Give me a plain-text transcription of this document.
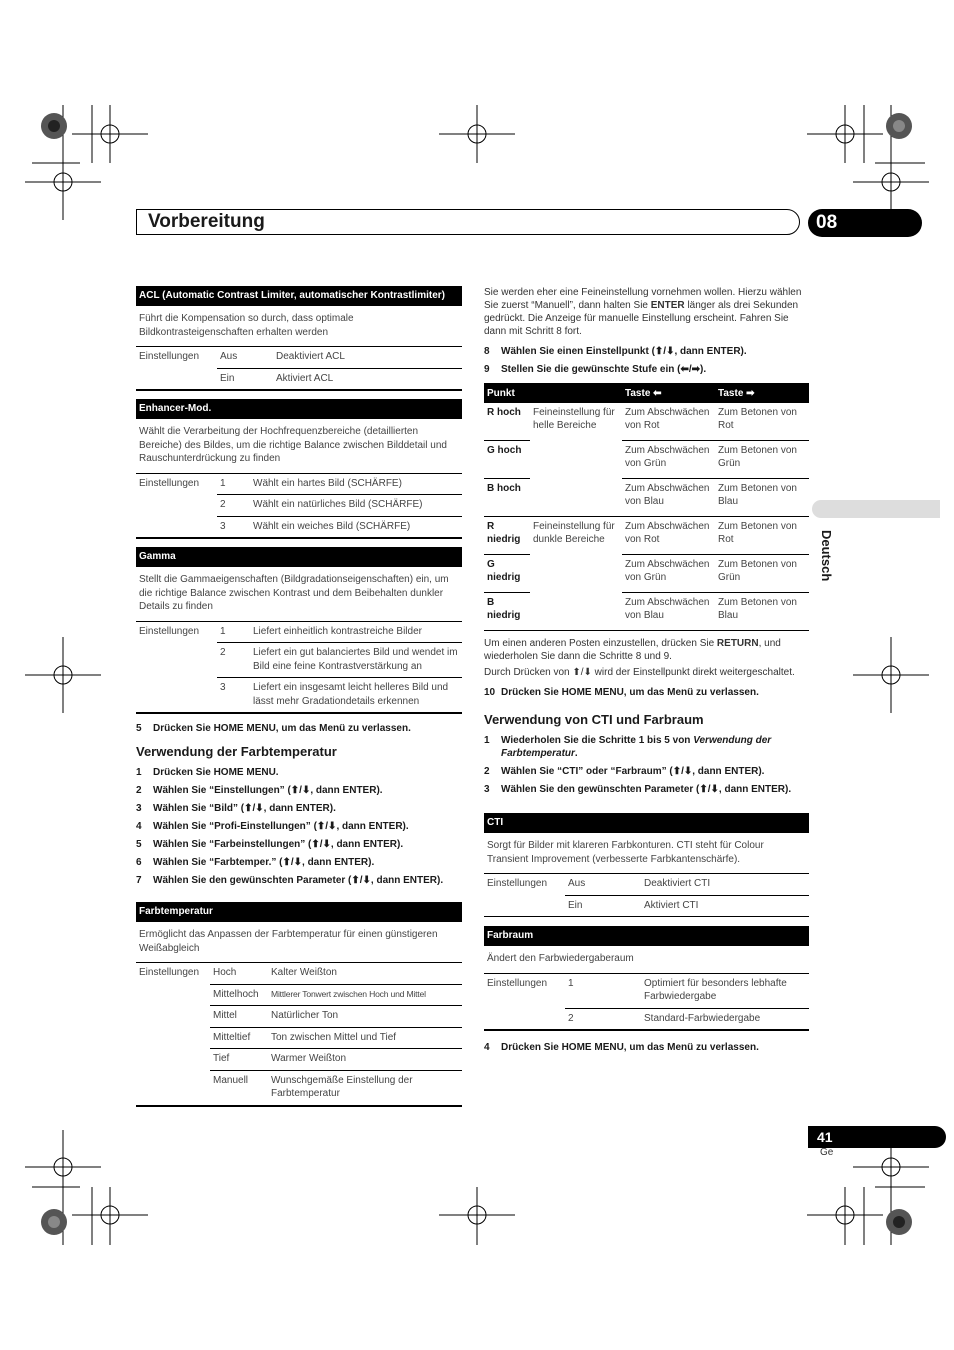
Vorbereitung	08
Deutsch
41
Ge
ACL (Automatic Contrast Limiter, automatischer Kontrastlimiter)
Führt die Kompensation so durch, dass optimale Bildkontrasteigenschaften erhalten werden
Einstellungen	Aus	Deaktiviert ACL
	Ein	Aktiviert ACL
Enhancer-Mod.
Wählt die Verarbeitung der Hochfrequenzbereiche (detaillierten Bereiche) des Bildes, um die richtige Balance zwischen Bilddetail und Rauschunterdrückung zu finden
Einstellungen	1	Wählt ein hartes Bild (SCHÄRFE)
	2	Wählt ein natürliches Bild (SCHÄRFE)
	3	Wählt ein weiches Bild (SCHÄRFE)
Gamma
Stellt die Gammaeigenschaften (Bildgradationseigenschaften) ein, um die richtige Balance zwischen Kontrast und dem Beibehalten dunkler Details zu finden
Einstellungen	1	Liefert einheitlich kontrastreiche Bilder
	2	Liefert ein gut balanciertes Bild und wendet im Bild eine feine Kontrastverstärkung an
	3	Liefert ein insgesamt leicht helleres Bild und lässt mehr Gradationdetails erkennen
5	Drücken Sie HOME MENU, um das Menü zu verlassen.
Verwendung der Farbtemperatur
1	Drücken Sie HOME MENU.
2	Wählen Sie “Einstellungen” (⬆/⬇, dann ENTER).
3	Wählen Sie “Bild” (⬆/⬇, dann ENTER).
4	Wählen Sie “Profi-Einstellungen” (⬆/⬇, dann ENTER).
5	Wählen Sie “Farbeinstellungen” (⬆/⬇, dann ENTER).
6	Wählen Sie “Farbtemper.” (⬆/⬇, dann ENTER).
7	Wählen Sie den gewünschten Parameter (⬆/⬇, dann ENTER).
Farbtemperatur
Ermöglicht das Anpassen der Farbtemperatur für einen günstigeren Weißabgleich
Einstellungen	Hoch	Kalter Weißton
	Mittelhoch	Mittlerer Tonwert zwischen Hoch und Mittel
	Mittel	Natürlicher Ton
	Mitteltief	Ton zwischen Mittel und Tief
	Tief	Warmer Weißton
	Manuell	Wunschgemäße Einstellung der Farbtemperatur
Sie werden eher eine Feineinstellung vornehmen wollen. Hierzu wählen Sie zuerst “Manuell”, dann halten Sie ENTER länger als drei Sekunden gedrückt. Die Anzeige für manuelle Einstellung erscheint. Fahren Sie dann mit Schritt 8 fort.
8	Wählen Sie einen Einstellpunkt (⬆/⬇, dann ENTER).
9	Stellen Sie die gewünschte Stufe ein (⬅/➡).
Punkt		Taste ⬅	Taste ➡
R hoch	Feineinstellung für helle Bereiche	Zum Abschwächen von Rot	Zum Betonen von Rot
G hoch		Zum Abschwächen von Grün	Zum Betonen von Grün
B hoch		Zum Abschwächen von Blau	Zum Betonen von Blau
R niedrig	Feineinstellung für dunkle Bereiche	Zum Abschwächen von Rot	Zum Betonen von Rot
G niedrig		Zum Abschwächen von Grün	Zum Betonen von Grün
B niedrig		Zum Abschwächen von Blau	Zum Betonen von Blau
Um einen anderen Posten einzustellen, drücken Sie RETURN, und wiederholen Sie dann die Schritte 8 und 9.
Durch Drücken von ⬆/⬇ wird der Einstellpunkt direkt weitergeschaltet.
10 Drücken Sie HOME MENU, um das Menü zu verlassen.
Verwendung von CTI und Farbraum
1	Wiederholen Sie die Schritte 1 bis 5 von Verwendung der Farbtemperatur.
2	Wählen Sie “CTI” oder “Farbraum” (⬆/⬇, dann ENTER).
3	Wählen Sie den gewünschten Parameter (⬆/⬇, dann ENTER).
CTI
Sorgt für Bilder mit klareren Farbkonturen. CTI steht für Colour Transient Improvement (verbesserte Farbkantenschärfe).
Einstellungen	Aus	Deaktiviert CTI
	Ein	Aktiviert CTI
Farbraum
Ändert den Farbwiedergaberaum
Einstellungen	1	Optimiert für besonders lebhafte Farbwiedergabe
	2	Standard-Farbwiedergabe
4	Drücken Sie HOME MENU, um das Menü zu verlassen.
